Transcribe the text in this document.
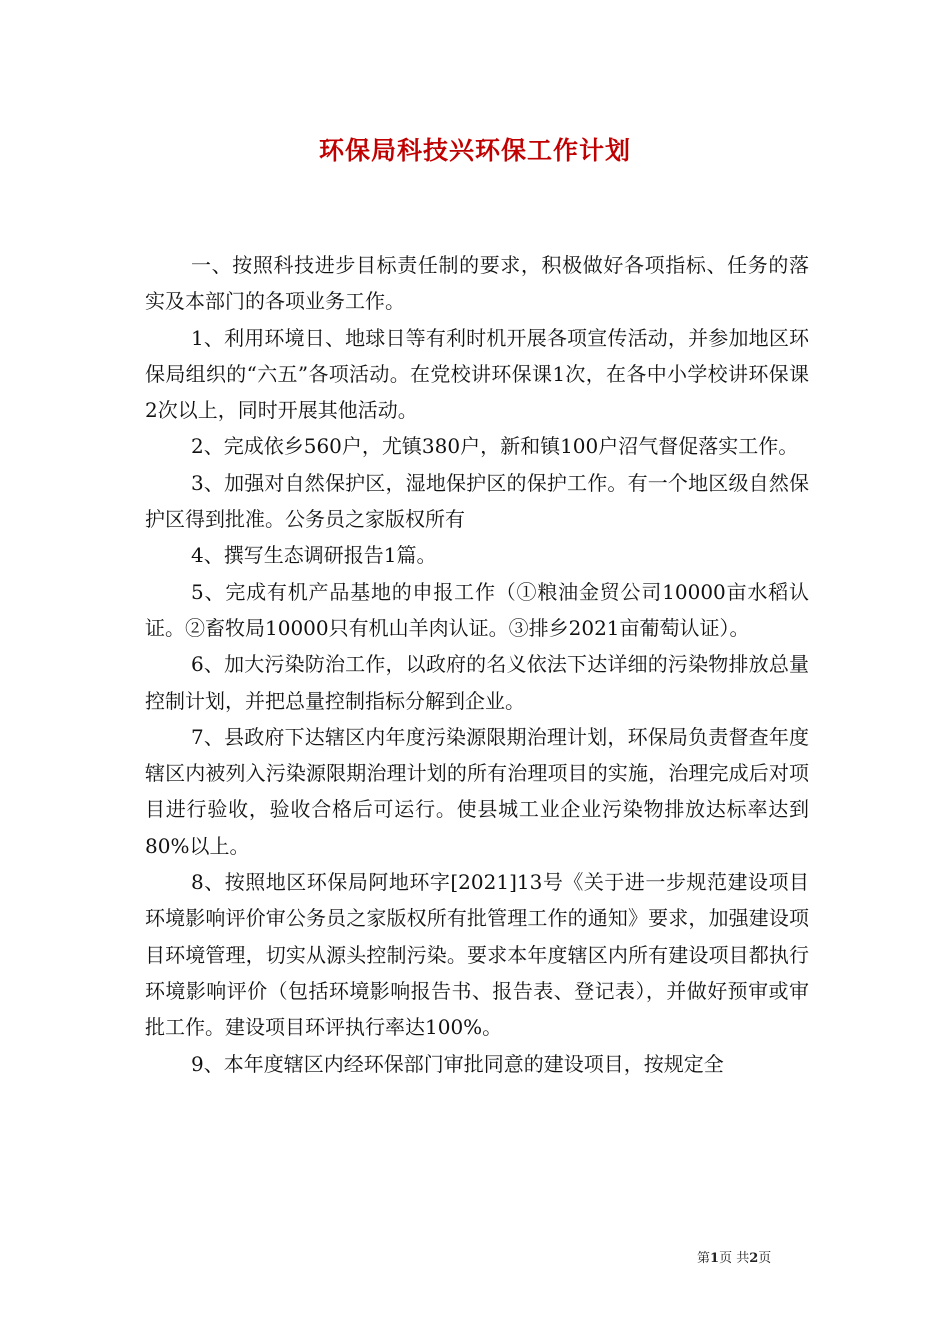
环保局科技兴环保工作计划

一、按照科技进步目标责任制的要求，积极做好各项指标、任务的落实及本部门的各项业务工作。

1、利用环境日、地球日等有利时机开展各项宣传活动，并参加地区环保局组织的“六五”各项活动。在党校讲环保课1次，在各中小学校讲环保课2次以上，同时开展其他活动。

2、完成依乡560户，尤镇380户，新和镇100户沼气督促落实工作。

3、加强对自然保护区，湿地保护区的保护工作。有一个地区级自然保护区得到批准。公务员之家版权所有

4、撰写生态调研报告1篇。

5、完成有机产品基地的申报工作（①粮油金贸公司10000亩水稻认证。②畜牧局10000只有机山羊肉认证。③排乡2021亩葡萄认证）。

6、加大污染防治工作，以政府的名义依法下达详细的污染物排放总量控制计划，并把总量控制指标分解到企业。

7、县政府下达辖区内年度污染源限期治理计划，环保局负责督查年度辖区内被列入污染源限期治理计划的所有治理项目的实施，治理完成后对项目进行验收，验收合格后可运行。使县城工业企业污染物排放达标率达到80%以上。

8、按照地区环保局阿地环字[2021]13号《关于进一步规范建设项目环境影响评价审公务员之家版权所有批管理工作的通知》要求，加强建设项目环境管理，切实从源头控制污染。要求本年度辖区内所有建设项目都执行环境影响评价（包括环境影响报告书、报告表、登记表），并做好预审或审批工作。建设项目环评执行率达100%。

9、本年度辖区内经环保部门审批同意的建设项目，按规定全

第1页 共2页
